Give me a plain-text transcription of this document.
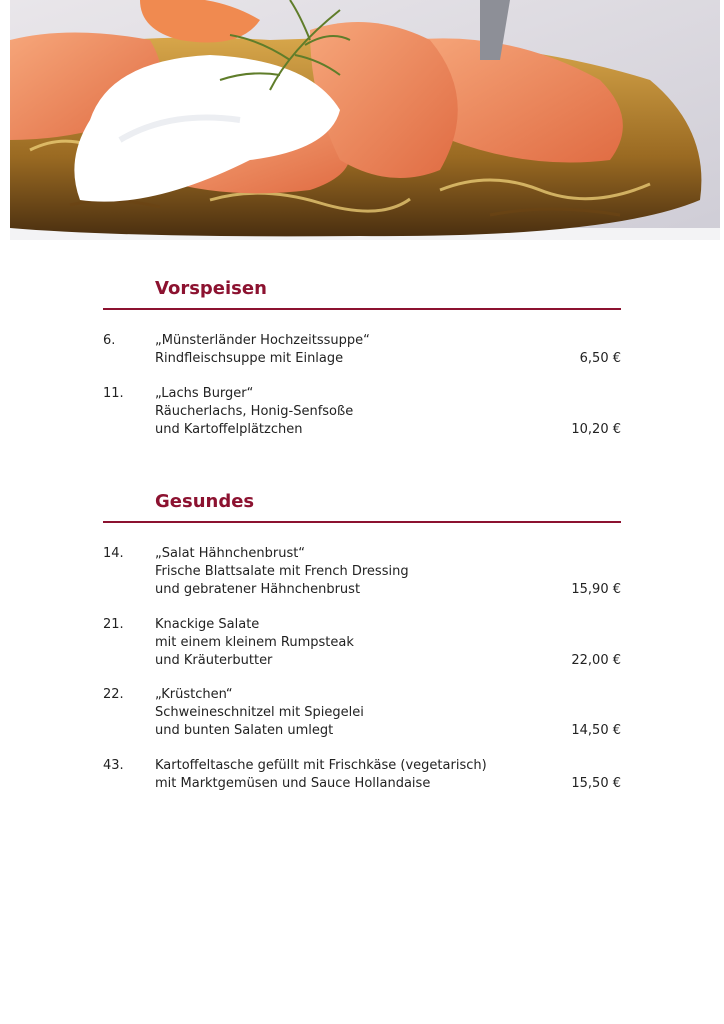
Vorspeisen
6.	„Münsterländer Hochzeitssuppe“
Rindfleischsuppe mit Einlage	6,50 €
11. „Lachs Burger“
Räucherlachs, Honig-Senfsoße
und Kartoffelplätzchen	10,20 €
Gesundes
14. „Salat Hähnchenbrust“
Frische Blattsalate mit French Dressing
und gebratener Hähnchenbrust	15,90 €
21. Knackige Salate
mit einem kleinem Rumpsteak
und Kräuterbutter	22,00 €
22. „Krüstchen“
Schweineschnitzel mit Spiegelei
und bunten Salaten umlegt	14,50 €
43. Kartoffeltasche gefüllt mit Frischkäse (vegetarisch)
mit Marktgemüsen und Sauce Hollandaise	15,50 €
